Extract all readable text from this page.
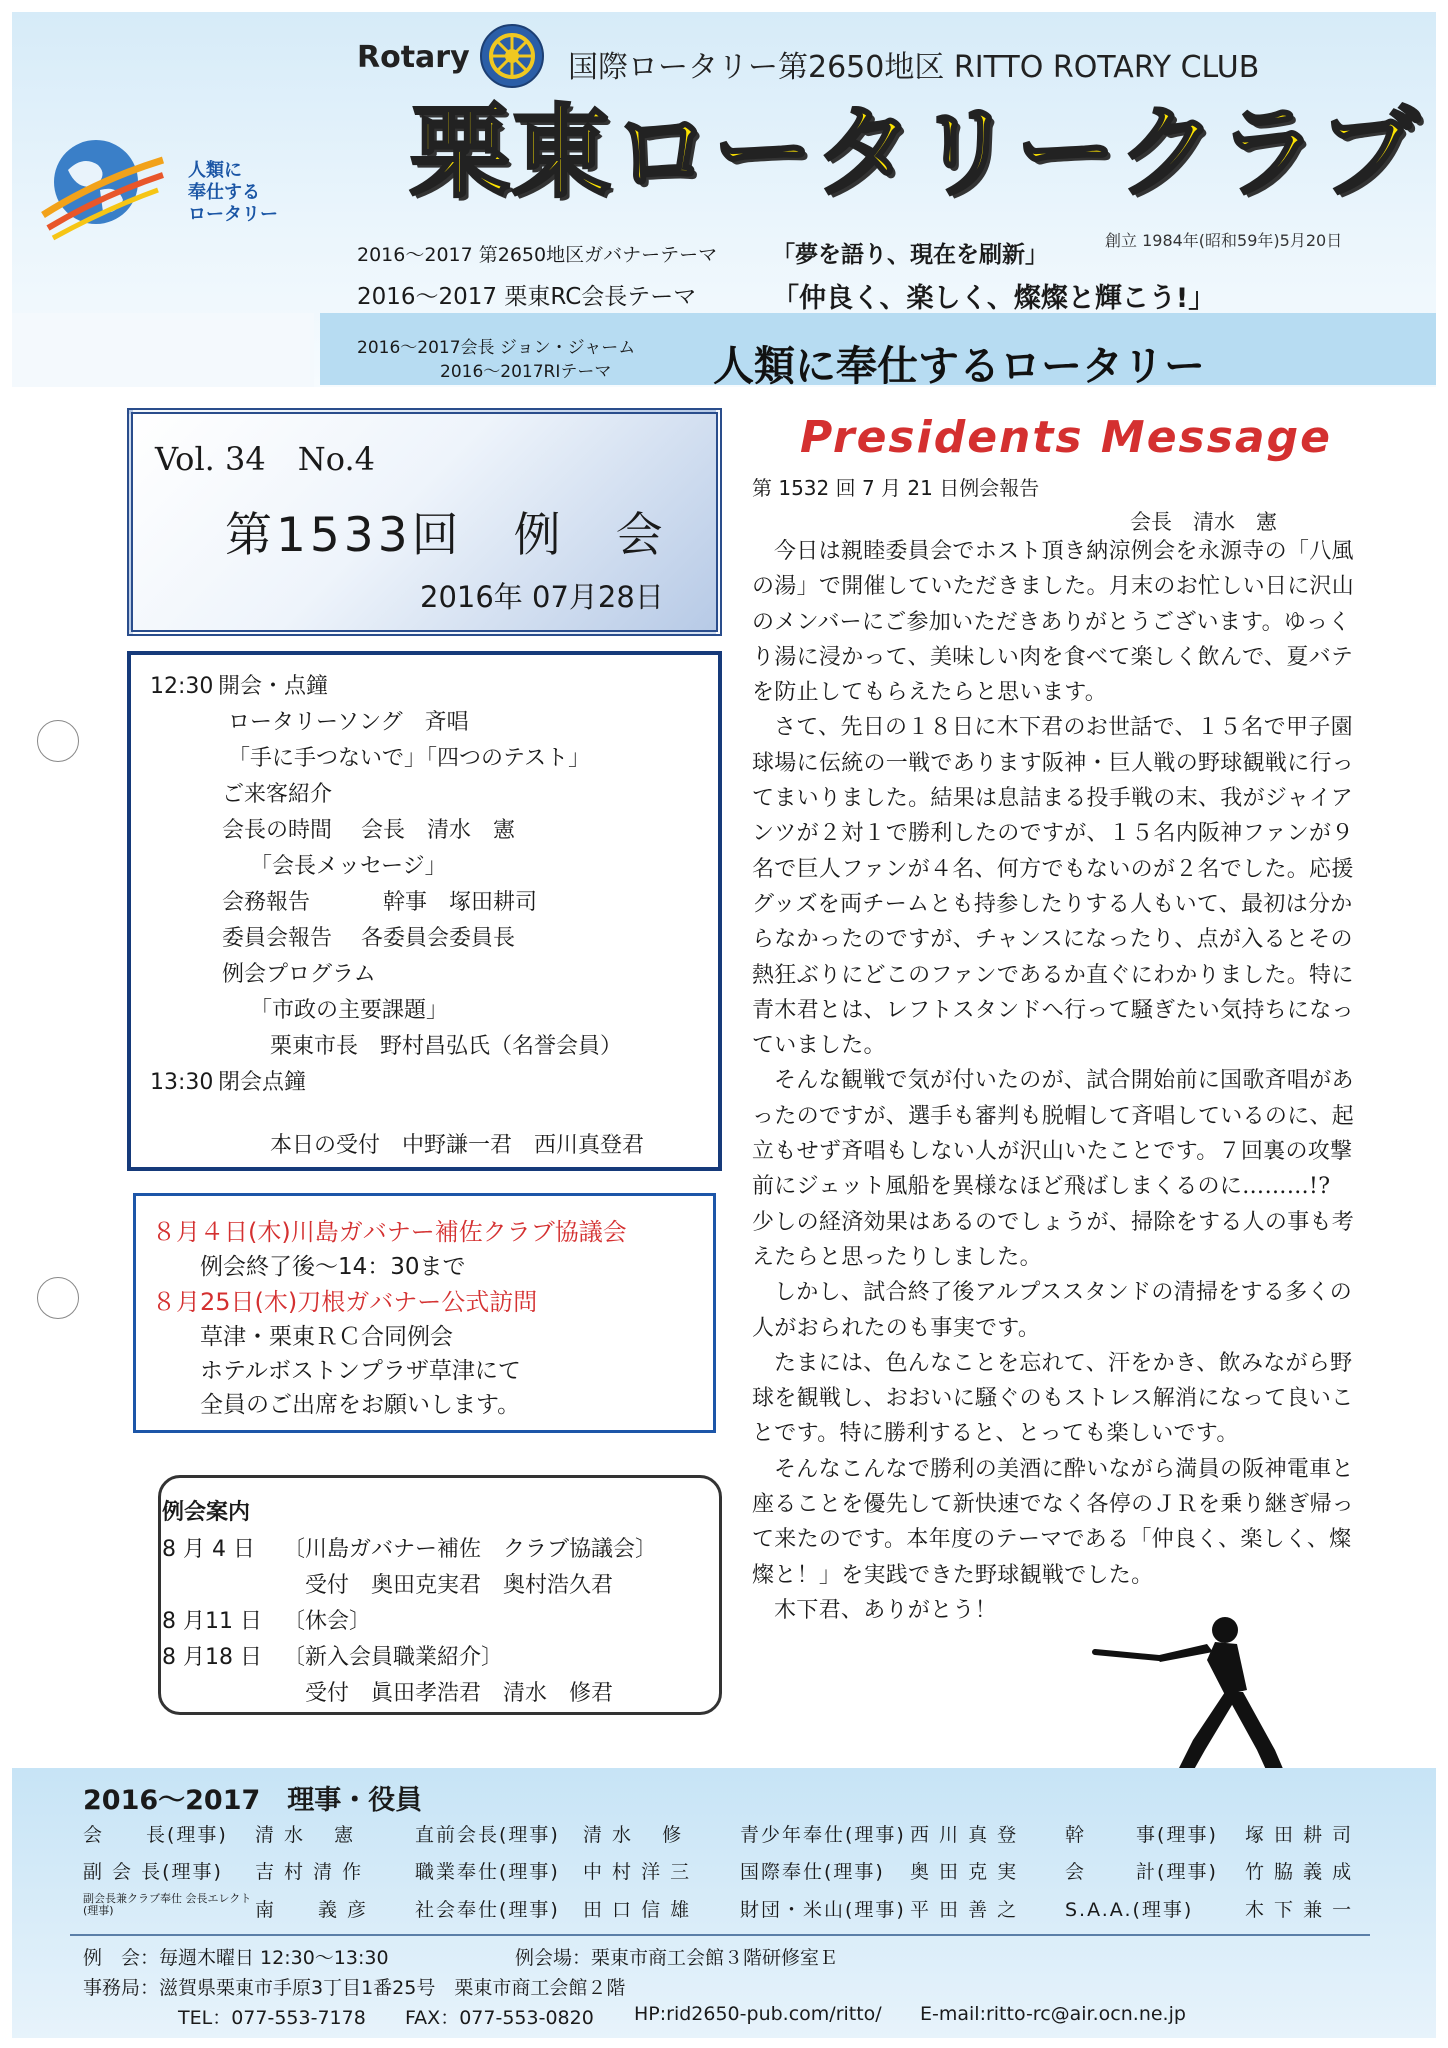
人類に
奉仕する
ロータリー
Rotary	国際ロータリー第2650地区 RITTO ROTARY CLUB
栗東ロータリークラブ
創立 1984年(昭和59年)5月20日
2016～2017 第2650地区ガバナーテーマ 「夢を語り、現在を刷新」
2016～2017 栗東RC会長テーマ	「仲良く、楽しく、燦燦と輝こう!」
2016～2017会長 ジョン・ジャーム
2016～2017RIテーマ 人類に奉仕するロータリー
Vol. 34　No.4
第1533回　例　会
2016年 07月28日
12:30 開会・点鐘
ロータリーソング　斉唱
「手に手つないで」「四つのテスト」
ご来客紹介
会長の時間　 会長　清水　憲
「会長メッセージ」
会務報告　　　 幹事　塚田耕司
委員会報告　 各委員会委員長
例会プログラム
「市政の主要課題」
栗東市長　野村昌弘氏（名誉会員）
13:30 閉会点鐘
本日の受付　中野謙一君　西川真登君
８月４日(木)川島ガバナー補佐クラブ協議会
例会終了後～14：30まで
８月25日(木)刀根ガバナー公式訪問
草津・栗東ＲＣ合同例会
ホテルボストンプラザ草津にて
全員のご出席をお願いします。
例会案内
8 月 4 日 〔川島ガバナー補佐　クラブ協議会〕
受付　奥田克実君　奥村浩久君
8 月11 日 〔休会〕
8 月18 日 〔新入会員職業紹介〕
受付　眞田孝浩君　清水　修君
Presidents Message
第 1532 回 7 月 21 日例会報告
会長　清水　憲

今日は親睦委員会でホスト頂き納涼例会を永源寺の「八風の湯」で開催していただきました。月末のお忙しい日に沢山のメンバーにご参加いただきありがとうございます。ゆっくり湯に浸かって、美味しい肉を食べて楽しく飲んで、夏バテを防止してもらえたらと思います。

さて、先日の１８日に木下君のお世話で、１５名で甲子園球場に伝統の一戦であります阪神・巨人戦の野球観戦に行ってまいりました。結果は息詰まる投手戦の末、我がジャイアンツが２対１で勝利したのですが、１５名内阪神ファンが９名で巨人ファンが４名、何方でもないのが２名でした。応援グッズを両チームとも持参したりする人もいて、最初は分からなかったのですが、チャンスになったり、点が入るとその熱狂ぶりにどこのファンであるか直ぐにわかりました。特に青木君とは、レフトスタンドへ行って騒ぎたい気持ちになっていました。

そんな観戦で気が付いたのが、試合開始前に国歌斉唱があったのですが、選手も審判も脱帽して斉唱しているのに、起立もせず斉唱もしない人が沢山いたことです。７回裏の攻撃前にジェット風船を異様なほど飛ばしまくるのに………!?　少しの経済効果はあるのでしょうが、掃除をする人の事も考えたらと思ったりしました。

しかし、試合終了後アルプススタンドの清掃をする多くの人がおられたのも事実です。

たまには、色んなことを忘れて、汗をかき、飲みながら野球を観戦し、おおいに騒ぐのもストレス解消になって良いことです。特に勝利すると、とっても楽しいです。

そんなこんなで勝利の美酒に酔いながら満員の阪神電車と座ることを優先して新快速でなく各停のＪＲを乗り継ぎ帰って来たのです。本年度のテーマである「仲良く、楽しく、燦燦と！」を実践できた野球観戦でした。

木下君、ありがとう！

2016～2017　理事・役員
会　　長(理事) 清 水　 憲	直前会長(理事) 清 水　 修	青少年奉仕(理事) 西 川 真 登 幹　　 事(理事) 塚 田 耕 司
副 会 長(理事) 吉 村 清 作	職業奉仕(理事) 中 村 洋 三	国際奉仕(理事) 奥 田 克 実 会　　 計(理事) 竹 脇 義 成
副会長兼クラブ奉仕 会長エレクト(理事)	南　　義 彦 社会奉仕(理事) 田 口 信 雄	財団・米山(理事) 平 田 善 之 S.A.A.(理事)	木 下 兼 一
例　会：毎週木曜日 12:30～13:30	例会場：栗東市商工会館３階研修室Ｅ
事務局：滋賀県栗東市手原3丁目1番25号　栗東市商工会館２階
TEL：077-553-7178 FAX：077-553-0820 HP:rid2650-pub.com/ritto/ E-mail:ritto-rc@air.ocn.ne.jp
